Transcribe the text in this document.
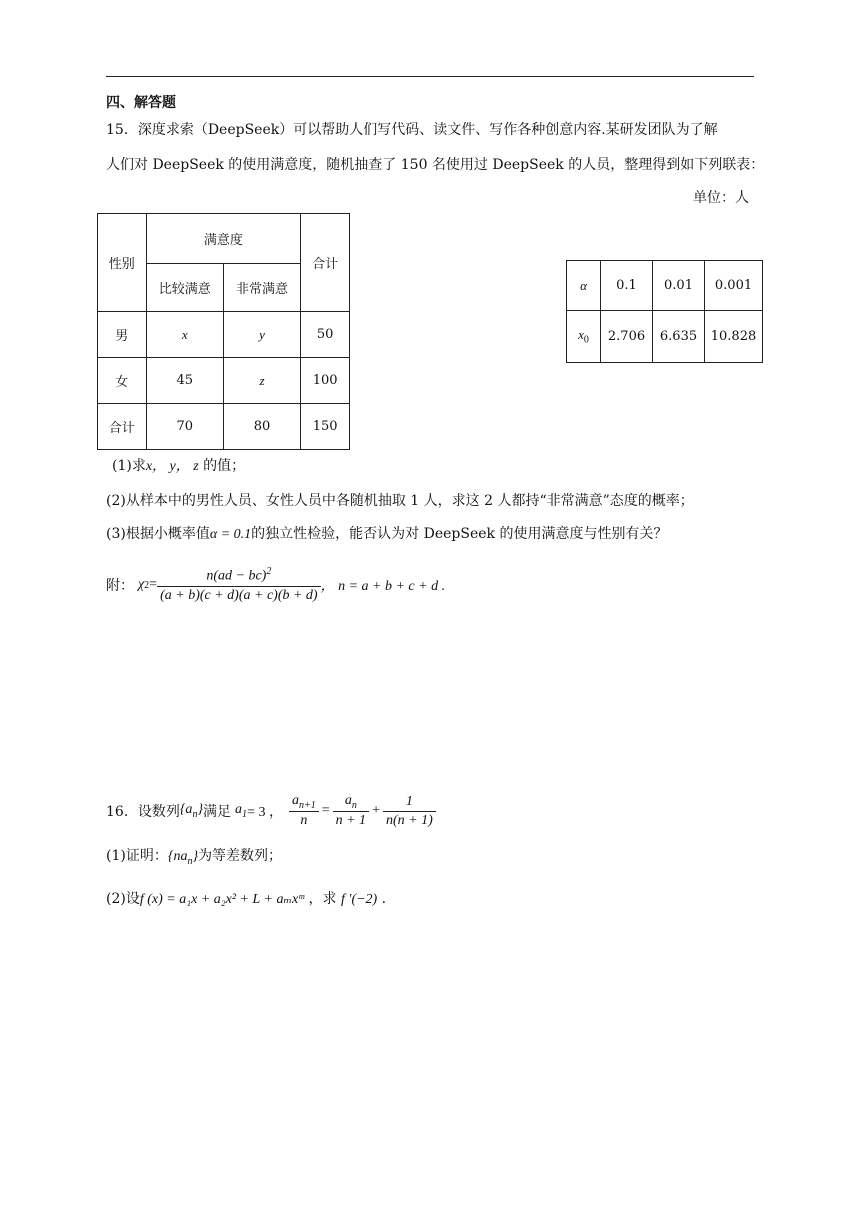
四、解答题
15．深度求索（DeepSeek）可以帮助人们写代码、读文件、写作各种创意内容.某研发团队为了解
人们对 DeepSeek 的使用满意度，随机抽查了 150 名使用过 DeepSeek 的人员，整理得到如下列联表：
单位：人
性别	满意度		合计
	比较满意	非常满意	
男	x	y	50
女	45	z	100
合计	70	80	150
α	0.1	0.01	0.001
$x_0$	2.706	6.635	10.828
(1)求x， y， z 的值；
(2)从样本中的男性人员、女性人员中各随机抽取 1 人，求这 2 人都持“非常满意”态度的概率；
(3)根据小概率值α = 0.1的独立性检验，能否认为对 DeepSeek 的使用满意度与性别有关？
附： χ $2 = \frac{n(ad - bc)^2}{(a + b)(c + d)(a + c)(b + d)}$ ， n = a + b + c + d .
16．设数列 $\{a_n\}$ 满足 $a_1 = 3$ ， $\frac{a_{n+1}}{n} = \frac{a_n}{n + 1} + \frac{1}{n(n + 1)}$
(1)证明：$\{na_n\}$为等差数列；
(2)设f (x) = a₁x + a₂x² + L + aₘxᵐ ，求 f ′(−2) .
